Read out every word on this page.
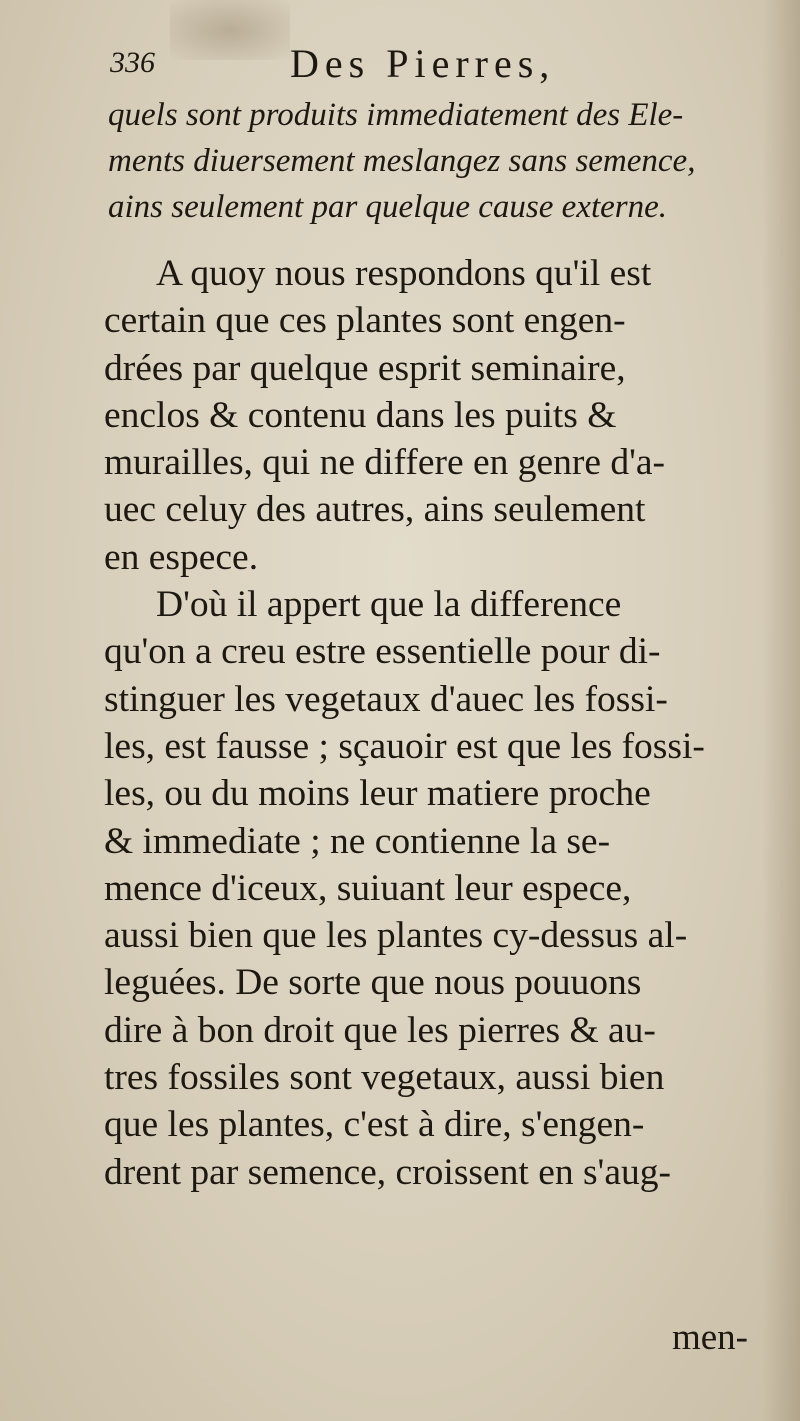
336	Des Pierres,
quels sont produits immediatement des Ele-
ments diuersement meslangez sans semence,
ains seulement par quelque cause externe.
A quoy nous respondons qu'il est
certain que ces plantes sont engen-
drées par quelque esprit seminaire,
enclos & contenu dans les puits &
murailles, qui ne differe en genre d'a-
uec celuy des autres, ains seulement
en espece.
D'où il appert que la difference
qu'on a creu estre essentielle pour di-
stinguer les vegetaux d'auec les fossi-
les, est fausse ; sçauoir est que les fossi-
les, ou du moins leur matiere proche
& immediate ; ne contienne la se-
mence d'iceux, suiuant leur espece,
aussi bien que les plantes cy-dessus al-
leguées. De sorte que nous pouuons
dire à bon droit que les pierres & au-
tres fossiles sont vegetaux, aussi bien
que les plantes, c'est à dire, s'engen-
drent par semence, croissent en s'aug-
men-
